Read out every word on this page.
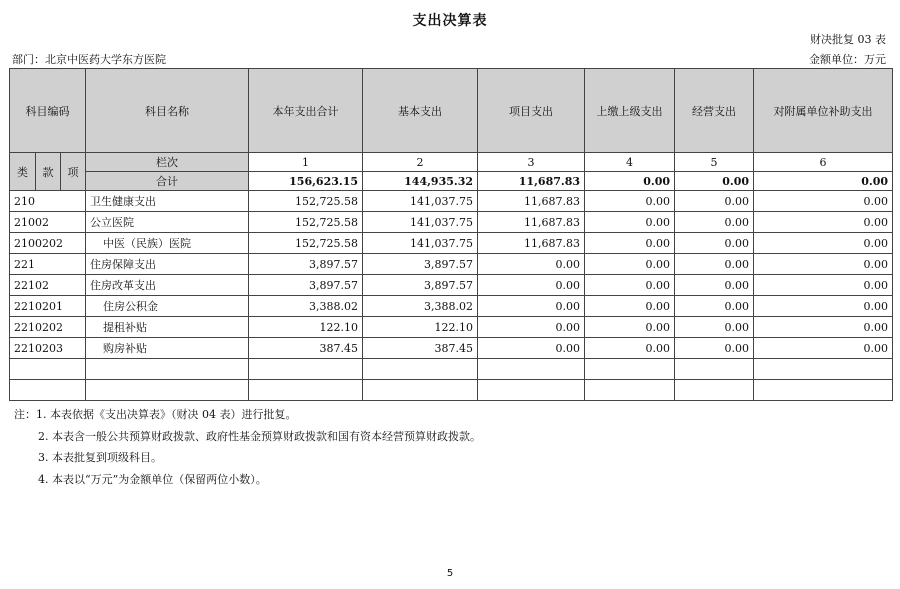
支出决算表
财决批复 03 表
部门：北京中医药大学东方医院	金额单位：万元
科目编码			科目名称	本年支出合计	基本支出	项目支出	上缴上级支出	经营支出	对附属单位补助支出
类	款	项	栏次	1	2	3	4	5	6
			合计	156,623.15	144,935.32	11,687.83	0.00	0.00	0.00
210			卫生健康支出	152,725.58	141,037.75	11,687.83	0.00	0.00	0.00
21002			公立医院	152,725.58	141,037.75	11,687.83	0.00	0.00	0.00
2100202			中医（民族）医院	152,725.58	141,037.75	11,687.83	0.00	0.00	0.00
221			住房保障支出	3,897.57	3,897.57	0.00	0.00	0.00	0.00
22102			住房改革支出	3,897.57	3,897.57	0.00	0.00	0.00	0.00
2210201			住房公积金	3,388.02	3,388.02	0.00	0.00	0.00	0.00
2210202			提租补贴	122.10	122.10	0.00	0.00	0.00	0.00
2210203			购房补贴	387.45	387.45	0.00	0.00	0.00	0.00

注：1. 本表依据《支出决算表》（财决 04 表）进行批复。
2. 本表含一般公共预算财政拨款、政府性基金预算财政拨款和国有资本经营预算财政拨款。
3. 本表批复到项级科目。
4. 本表以“万元”为金额单位（保留两位小数）。
5
